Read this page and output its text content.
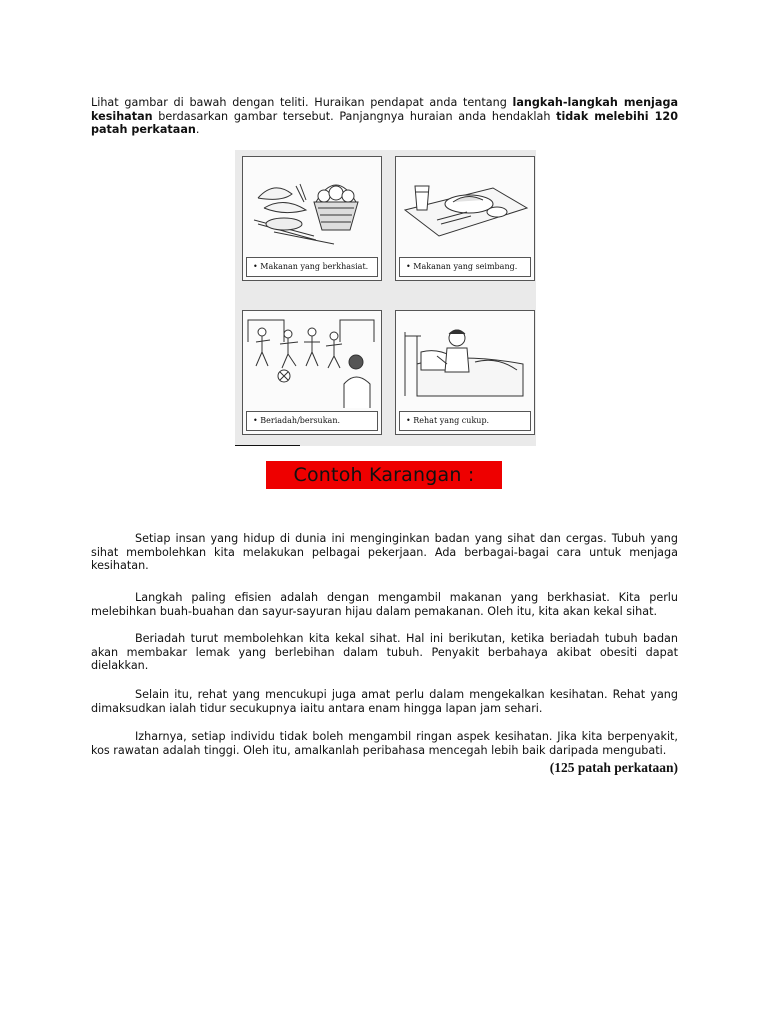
Lihat gambar di bawah dengan teliti. Huraikan pendapat anda tentang langkah-langkah menjaga kesihatan berdasarkan gambar tersebut. Panjangnya huraian anda hendaklah tidak melebihi 120 patah perkataan.
• Makanan yang berkhasiat.	• Makanan yang seimbang.
• Beriadah/bersukan.	• Rehat yang cukup.
Contoh Karangan :

Setiap insan yang hidup di dunia ini menginginkan badan yang sihat dan cergas. Tubuh yang sihat membolehkan kita melakukan pelbagai pekerjaan. Ada berbagai-bagai cara untuk menjaga kesihatan.

Langkah paling efisien adalah dengan mengambil makanan yang berkhasiat. Kita perlu melebihkan buah-buahan dan sayur-sayuran hijau dalam pemakanan. Oleh itu, kita akan kekal sihat.

Beriadah turut membolehkan kita kekal sihat. Hal ini berikutan, ketika beriadah tubuh badan akan membakar lemak yang berlebihan dalam tubuh. Penyakit berbahaya akibat obesiti dapat dielakkan.

Selain itu, rehat yang mencukupi juga amat perlu dalam mengekalkan kesihatan. Rehat yang dimaksudkan ialah tidur secukupnya iaitu antara enam hingga lapan jam sehari.

Izharnya, setiap individu tidak boleh mengambil ringan aspek kesihatan. Jika kita berpenyakit, kos rawatan adalah tinggi. Oleh itu, amalkanlah peribahasa mencegah lebih baik daripada mengubati.

(125 patah perkataan)
